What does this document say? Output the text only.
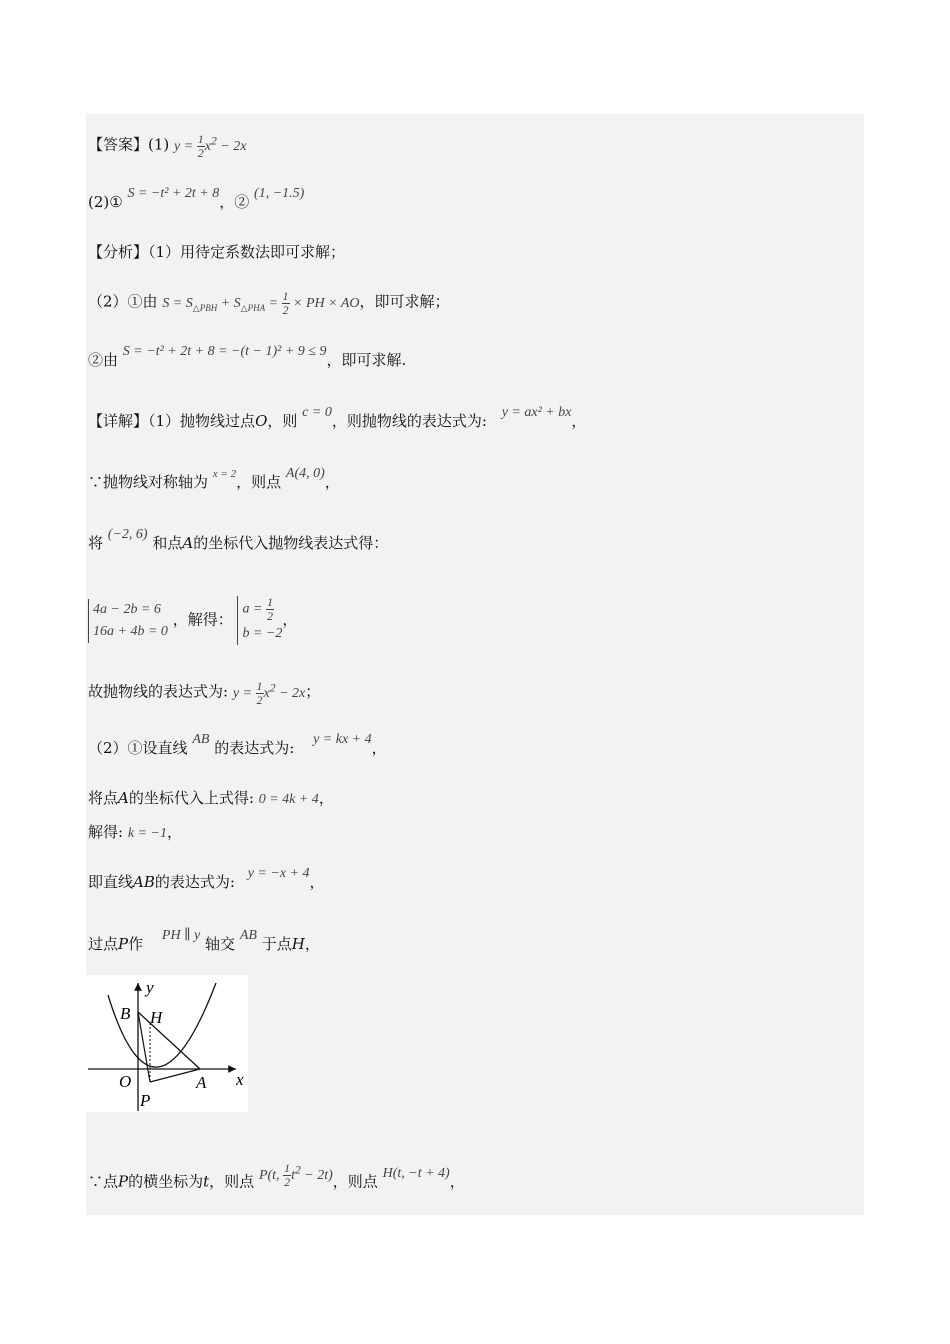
【答案】(1) $y = \frac{1}{2} x^2 - 2x$
(2)① S = −t² + 2t + 8，② (1, −1.5)
【分析】（1）用待定系数法即可求解；
（2）①由 $S = S_{\triangle PBH} + S_{\triangle PHA} = \frac{1}{2}$ × PH × AO，即可求解；
②由 S = −t² + 2t + 8 = −(t − 1)² + 9 ≤ 9，即可求解.
【详解】（1）抛物线过点O，则 c = 0，则抛物线的表达式为: y = ax² + bx，
∵抛物线对称轴为 $^{x = 2}$，则点 A(4, 0)，
将 (−2, 6) 和点A的坐标代入抛物线表达式得：
4a − 2b = 6
16a + 4b = 0
，解得：
$a = \frac{1}{2}$
b = −2
，
故抛物线的表达式为: $y = \frac{1}{2} x^2 - 2x$；
（2）①设直线 AB 的表达式为: y = kx + 4，
将点A的坐标代入上式得: 0 = 4k + 4，
解得: k = −1，
即直线AB的表达式为: y = −x + 4，
过点P作 PH ∥ y 轴交 AB 于点H，
y
x
B H
O	A
P
∵点P的横坐标为t，则点 P(t, $\frac{1}{2} t^2 - 2t$)，则点 H(t, −t + 4)，
